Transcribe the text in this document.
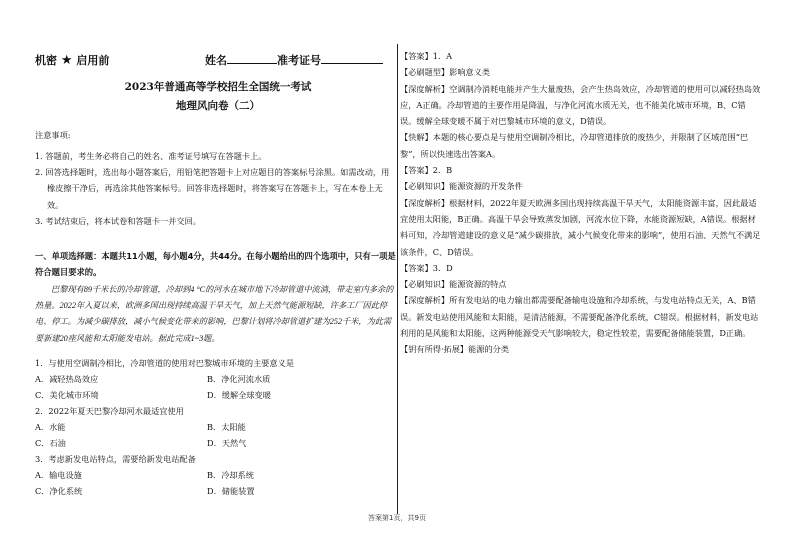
机密 ★ 启用前	姓名	准考证号
2023年普通高等学校招生全国统一考试
地理风向卷（二）
注意事项:

1. 答题前，考生务必将自己的姓名、准考证号填写在答题卡上。

2. 回答选择题时，选出每小题答案后，用铅笔把答题卡上对应题目的答案标号涂黑。如需改动，用橡皮擦干净后，再选涂其他答案标号。回答非选择题时，将答案写在答题卡上，写在本卷上无效。

3. 考试结束后，将本试卷和答题卡一并交回。

一、单项选择题：本题共11小题，每小题4分，共44分。在每小题给出的四个选项中，只有一项是符合题目要求的。
巴黎现有89千米长的冷却管道，冷却到4 °C的河水在城市地下冷却管道中流淌，带走室内多余的热量。2022年入夏以来，欧洲多国出现持续高温干旱天气，加上天然气能源短缺，许多工厂因此停电、停工。为减少碳排放，减小气候变化带来的影响，巴黎计划将冷却管道扩建为252千米，为此需要新建20座风能和太阳能发电站。据此完成1~3题。
1．与使用空调制冷相比，冷却管道的使用对巴黎城市环境的主要意义是
A．减轻热岛效应	B．净化河流水质
C．美化城市环境	D．缓解全球变暖
2．2022年夏天巴黎冷却河水最适宜使用
A．水能	B．太阳能
C．石油	D．天然气
3．考虑新发电站特点，需要给新发电站配备
A．输电设施	B．冷却系统
C．净化系统	D．储能装置

【答案】1．A

【必刷题型】影响意义类

【深度解析】空调制冷消耗电能并产生大量废热，会产生热岛效应，冷却管道的使用可以减轻热岛效应，A正确。冷却管道的主要作用是降温，与净化河流水质无关，也不能美化城市环境，B、C错误。缓解全球变暖不属于对巴黎城市环境的意义，D错误。

【快解】本题的核心要点是与使用空调制冷相比，冷却管道排放的废热少，并限制了区域范围“巴黎”，所以快速选出答案A。

【答案】2．B

【必刷知识】能源资源的开发条件

【深度解析】根据材料，2022年夏天欧洲多国出现持续高温干旱天气，太阳能资源丰富，因此最适宜使用太阳能，B正确。高温干旱会导致蒸发加剧，河流水位下降，水能资源短缺，A错误。根据材料可知，冷却管道建设的意义是“减少碳排放，减小气候变化带来的影响”，使用石油、天然气不满足该条件，C、D错误。

【答案】3．D

【必刷知识】能源资源的特点

【深度解析】所有发电站的电力输出都需要配备输电设施和冷却系统，与发电站特点无关，A、B错误。新发电站使用风能和太阳能，是清洁能源，不需要配备净化系统，C错误。根据材料，新发电站利用的是风能和太阳能，这两种能源受天气影响较大，稳定性较差，需要配备储能装置，D正确。

【钥有所得·拓展】能源的分类

答案第1页，共9页
